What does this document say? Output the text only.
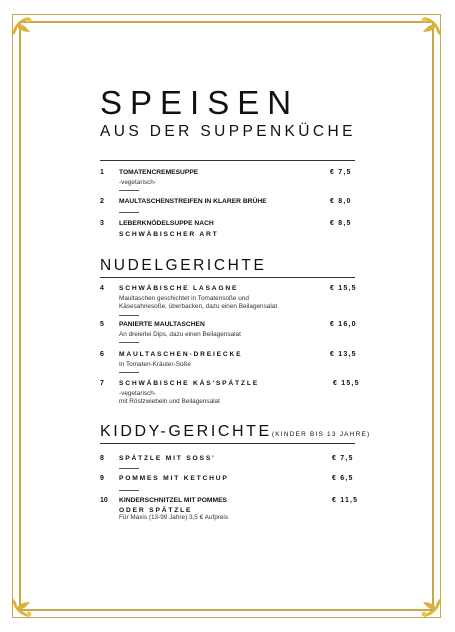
SPEISEN
AUS DER SUPPENKÜCHE
1 TOMATENCREMESUPPE	€ 7,5
-vegetarisch-
2 MAULTASCHENSTREIFEN IN KLARER BRÜHE	€ 8,0
3 LEBERKNÖDELSUPPE NACH	€ 8,5
SCHWÄBISCHER ART
NUDELGERICHTE
4 SCHWÄBISCHE LASAGNE	€ 15,5
Maultaschen geschichtet in Tomatensoße und
Käsesahnesoße, überbacken, dazu einen Beilagensalat
5 PANIERTE MAULTASCHEN	€ 16,0
An dreierlei Dips, dazu einen Beilagensalat
6 MAULTASCHEN-DREIECKE	€ 13,5
In Tomaten-Kräuter-Soße
7 SCHWÄBISCHE KÄS'SPÄTZLE	€ 15,5
-vegetarisch-
mit Röstzwiebeln und Beilagensalat
KIDDY-GERICHTE(KINDER BIS 13 JAHRE)
8 SPÄTZLE MIT SOSS'	€ 7,5
9 POMMES MIT KETCHUP	€ 6,5
10 KINDERSCHNITZEL MIT POMMES	€ 11,5
ODER SPÄTZLE
Für Maxis (13-99 Jahre) 3,5 € Aufpreis
